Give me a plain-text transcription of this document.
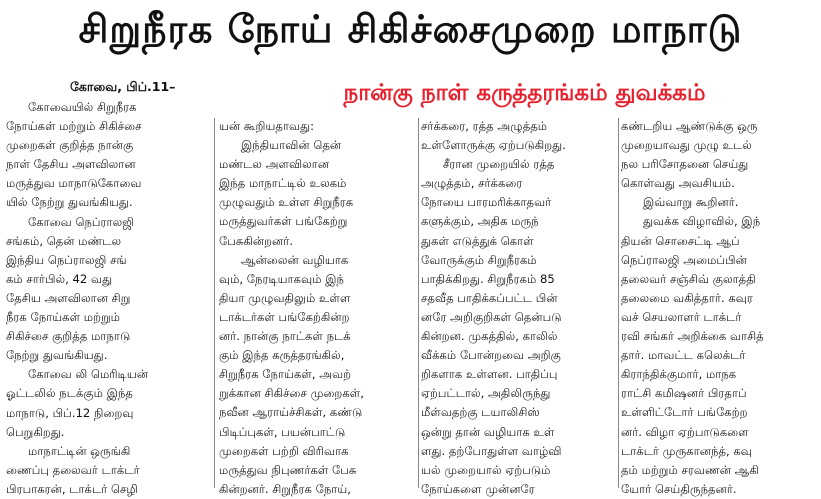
சிறுநீரக நோய் சிகிச்சைமுறை மாநாடு
கோவை, பிப்.11–	நான்கு நாள் கருத்தரங்கம் துவக்கம்
கோவையில் சிறுநீரக
நோய்கள் மற்றும் சிகிச்சை
முறைகள் குறித்த நான்கு
நாள் தேசிய அளவிலான
மருத்துவ மாநாடுகோவை
யில் நேற்று துவங்கியது.
கோவை நெப்ராலஜி
சங்கம், தென் மண்டல
இந்திய நெப்ராலஜி சங்
கம் சார்பில், 42 வது
தேசிய அளவிலான சிறு
நீரக நோய்கள் மற்றும்
சிகிச்சை குறித்த மாநாடு
நேற்று துவங்கியது.
கோவை லி மெரிடியன்
ஓட்டலில் நடக்கும் இந்த
மாநாடு, பிப்.12 நிறைவு
பெறுகிறது.
மாநாட்டின் ஒருங்கி
ணைப்பு தலைவர் டாக்டர்
பிரபாகரன், டாக்டர் செழி
யன் கூறியதாவது:
இந்தியாவின் தென்
மண்டல அளவிலான
இந்த மாநாட்டில் உலகம்
முழுவதும் உள்ள சிறுநீரக
மருத்துவர்கள் பங்கேற்று
பேசுகின்றனர்.
ஆன்லைன் வழியாக
வும், நேரடியாகவும் இந்
தியா முழுவதிலும் உள்ள
டாக்டர்கள் பங்கேற்கின்ற
னர். நான்கு நாட்கள் நடக்
கும் இந்த கருத்தரங்கில்,
சிறுநீரக நோய்கள், அவற்
றுக்கான சிகிச்சை முறைகள்,
நவீன ஆராய்ச்சிகள், கண்டு
பிடிப்புகள், பயன்பாட்டு
முறைகள் பற்றி விரிவாக
மருத்துவ நிபுணர்கள் பேசு
கின்றனர். சிறுநீரக நோய்,
சர்க்கரை, ரத்த அழுத்தம்
உள்ளோருக்கு ஏற்படுகிறது.
சீரான முறையில் ரத்த
அழுத்தம், சர்க்கரை
நோயை பாரமரிக்காதவர்
களுக்கும், அதிக மருந்
துகள் எடுத்துக் கொள்
வோருக்கும் சிறுநீரகம்
பாதிக்கிறது. சிறுநீரகம் 85
சதவீத பாதிக்கப்பட்ட பின்
னரே அறிகுறிகள் தென்படு
கின்றன. முகத்தில், காலில்
வீக்கம் போன்றவை அறிகு
றிகளாக உள்ளன. பாதிப்பு
ஏற்பட்டால், அதிலிருந்து
மீள்வதற்கு டயாலிசிஸ்
ஒன்று தான் வழியாக உள்
ளது. தற்போதுள்ள வாழ்வி
யல் முறையால் ஏற்படும்
நோய்களை முன்னரே
கண்டறிய ஆண்டுக்கு ஒரு
முறையாவது முழு உடல்
நல பரிசோதனை செய்து
கொள்வது அவசியம்.
இவ்வாறு கூறினர்.
துவக்க விழாவில், இந்
தியன் சொசைட்டி ஆப்
நெப்ராலஜி அமைப்பின்
தலைவர் சஞ்சிவ் குலாத்தி
தலைமை வகித்தார். கவுர
வச் செயலாளர் டாக்டர்
ரவி சங்கர் அறிக்கை வாசித்
தார். மாவட்ட கலெக்டர்
கிராந்திக்குமார், மாநக
ராட்சி கமிஷனர் பிரதாப்
உள்ளிட்டோர் பங்கேற்ற
னர். விழா ஏற்பாடுகளை
டாக்டர் முருகானந்த், கவு
தம் மற்றும் சரவணன் ஆகி
யோர் செய்திருந்தனர்.
